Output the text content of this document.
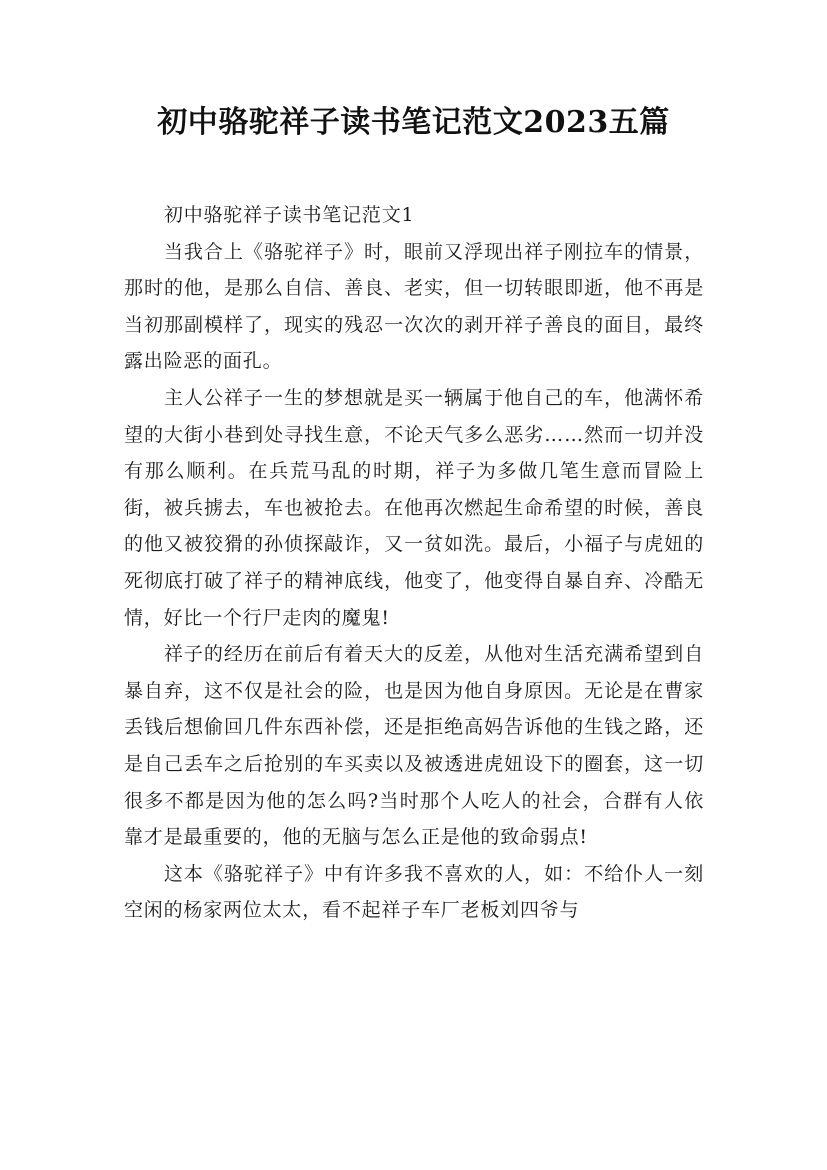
初中骆驼祥子读书笔记范文2023五篇

初中骆驼祥子读书笔记范文1

当我合上《骆驼祥子》时，眼前又浮现出祥子刚拉车的情景，那时的他，是那么自信、善良、老实，但一切转眼即逝，他不再是当初那副模样了，现实的残忍一次次的剥开祥子善良的面目，最终露出险恶的面孔。

主人公祥子一生的梦想就是买一辆属于他自己的车，他满怀希望的大街小巷到处寻找生意，不论天气多么恶劣……然而一切并没有那么顺利。在兵荒马乱的时期，祥子为多做几笔生意而冒险上街，被兵掳去，车也被抢去。在他再次燃起生命希望的时候，善良的他又被狡猾的孙侦探敲诈，又一贫如洗。最后，小福子与虎妞的死彻底打破了祥子的精神底线，他变了，他变得自暴自弃、冷酷无情，好比一个行尸走肉的魔鬼!

祥子的经历在前后有着天大的反差，从他对生活充满希望到自暴自弃，这不仅是社会的险，也是因为他自身原因。无论是在曹家丢钱后想偷回几件东西补偿，还是拒绝高妈告诉他的生钱之路，还是自己丢车之后抢别的车买卖以及被透进虎妞设下的圈套，这一切很多不都是因为他的怎么吗?当时那个人吃人的社会，合群有人依靠才是最重要的，他的无脑与怎么正是他的致命弱点!

这本《骆驼祥子》中有许多我不喜欢的人，如：不给仆人一刻空闲的杨家两位太太，看不起祥子车厂老板刘四爷与
